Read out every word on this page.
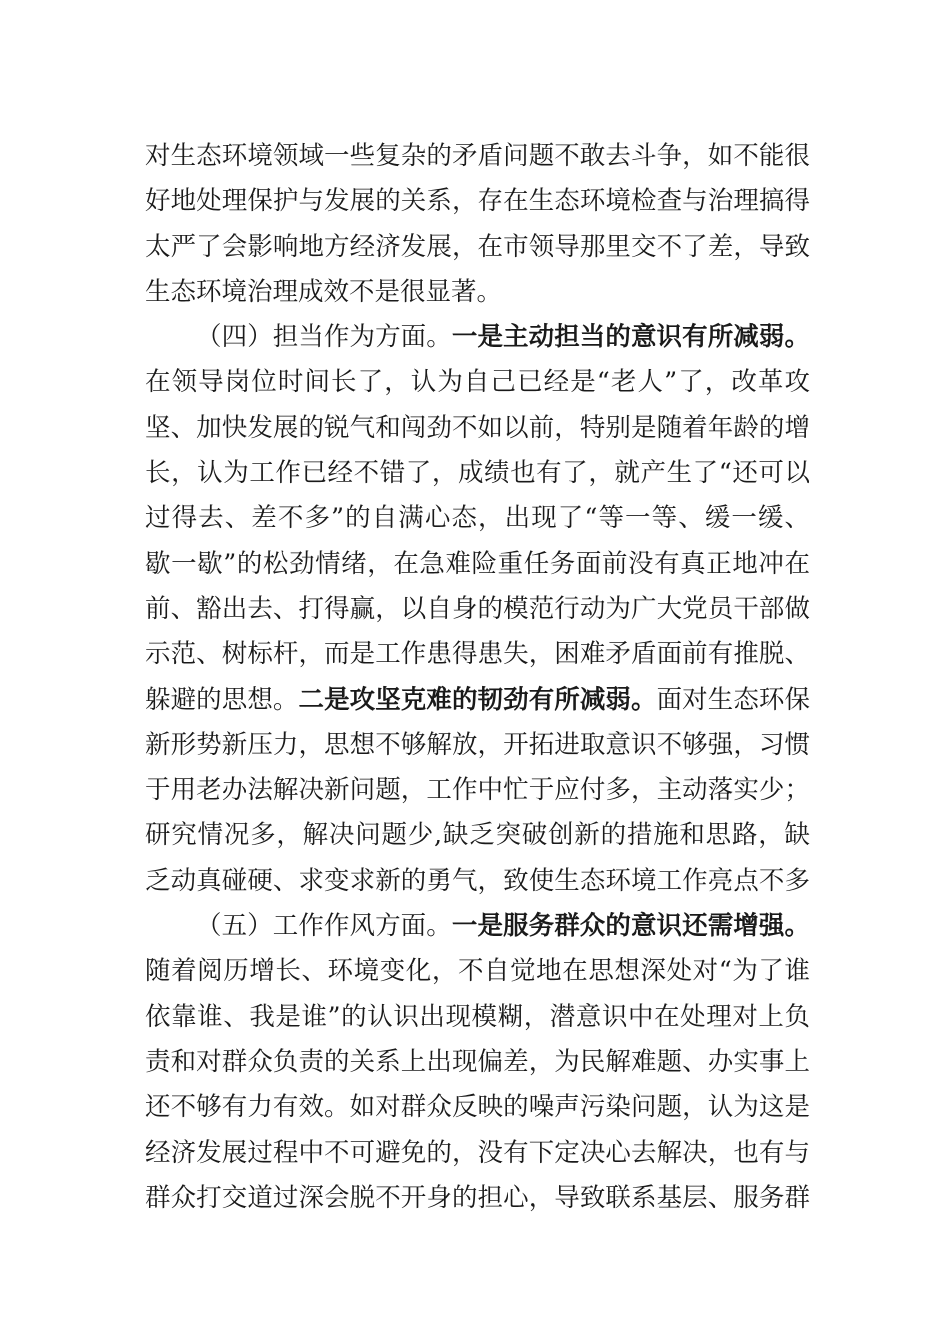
对生态环境领域一些复杂的矛盾问题不敢去斗争，如不能很
好地处理保护与发展的关系，存在生态环境检查与治理搞得
太严了会影响地方经济发展，在市领导那里交不了差，导致
生态环境治理成效不是很显著。
（四）担当作为方面。一是主动担当的意识有所减弱。
在领导岗位时间长了，认为自己已经是“老人”了，改革攻
坚、加快发展的锐气和闯劲不如以前，特别是随着年龄的增
长，认为工作已经不错了，成绩也有了，就产生了“还可以
过得去、差不多”的自满心态，出现了“等一等、缓一缓、
歇一歇”的松劲情绪，在急难险重任务面前没有真正地冲在
前、豁出去、打得赢，以自身的模范行动为广大党员干部做
示范、树标杆，而是工作患得患失，困难矛盾面前有推脱、
躲避的思想。二是攻坚克难的韧劲有所减弱。面对生态环保
新形势新压力，思想不够解放，开拓进取意识不够强，习惯
于用老办法解决新问题，工作中忙于应付多，主动落实少；
研究情况多，解决问题少,缺乏突破创新的措施和思路，缺
乏动真碰硬、求变求新的勇气，致使生态环境工作亮点不多
（五）工作作风方面。一是服务群众的意识还需增强。
随着阅历增长、环境变化，不自觉地在思想深处对“为了谁
依靠谁、我是谁”的认识出现模糊，潜意识中在处理对上负
责和对群众负责的关系上出现偏差，为民解难题、办实事上
还不够有力有效。如对群众反映的噪声污染问题，认为这是
经济发展过程中不可避免的，没有下定决心去解决，也有与
群众打交道过深会脱不开身的担心，导致联系基层、服务群
